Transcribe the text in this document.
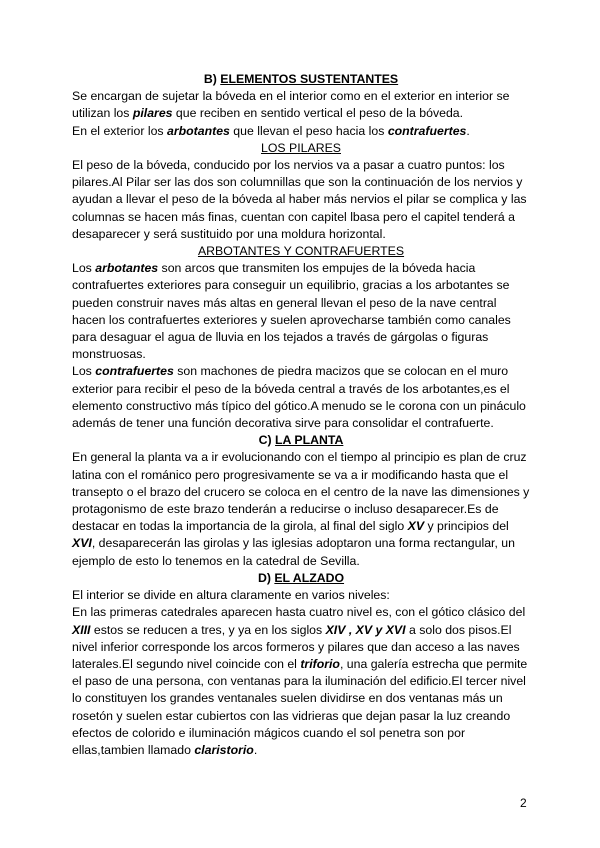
B) ELEMENTOS SUSTENTANTES

Se encargan de sujetar la bóveda en el interior como en el exterior en interior se utilizan los pilares que reciben en sentido vertical el peso de la bóveda.

En el exterior los arbotantes que llevan el peso hacia los contrafuertes.

LOS PILARES

El peso de la bóveda, conducido por los nervios va a pasar a cuatro puntos: los pilares.Al Pilar ser las dos son columnillas que son la continuación de los nervios y ayudan a llevar el peso de la bóveda al haber más nervios el pilar se complica y las columnas se hacen más finas, cuentan con capitel lbasa pero el capitel tenderá a desaparecer y será sustituido por una moldura horizontal.

ARBOTANTES Y CONTRAFUERTES

Los arbotantes son arcos que transmiten los empujes de la bóveda hacia contrafuertes exteriores para conseguir un equilibrio, gracias a los arbotantes se pueden construir naves más altas en general llevan el peso de la nave central hacen los contrafuertes exteriores y suelen aprovecharse también como canales para desaguar el agua de lluvia en los tejados a través de gárgolas o figuras monstruosas.

Los contrafuertes son machones de piedra macizos que se colocan en el muro exterior para recibir el peso de la bóveda central a través de los arbotantes,es el elemento constructivo más típico del gótico.A menudo se le corona con un pináculo además de tener una función decorativa sirve para consolidar el contrafuerte.

C) LA PLANTA

En general la planta va a ir evolucionando con el tiempo al principio es plan de cruz latina con el románico pero progresivamente se va a ir modificando hasta que el transepto o el brazo del crucero se coloca en el centro de la nave las dimensiones y protagonismo de este brazo tenderán a reducirse o incluso desaparecer.Es de destacar en todas la importancia de la girola, al final del siglo XV y principios del XVI, desaparecerán las girolas y las iglesias adoptaron una forma rectangular, un ejemplo de esto lo tenemos en la catedral de Sevilla.

D) EL ALZADO

El interior se divide en altura claramente en varios niveles:

En las primeras catedrales aparecen hasta cuatro nivel es, con el gótico clásico del XIII estos se reducen a tres, y ya en los siglos XIV , XV y XVI a solo dos pisos.El nivel inferior corresponde los arcos formeros y pilares que dan acceso a las naves laterales.El segundo nivel coincide con el triforio, una galería estrecha que permite el paso de una persona, con ventanas para la iluminación del edificio.El tercer nivel lo constituyen los grandes ventanales suelen dividirse en dos ventanas más un rosetón y suelen estar cubiertos con las vidrieras que dejan pasar la luz creando efectos de colorido e iluminación mágicos cuando el sol penetra son por ellas,tambien llamado claristorio.

2
